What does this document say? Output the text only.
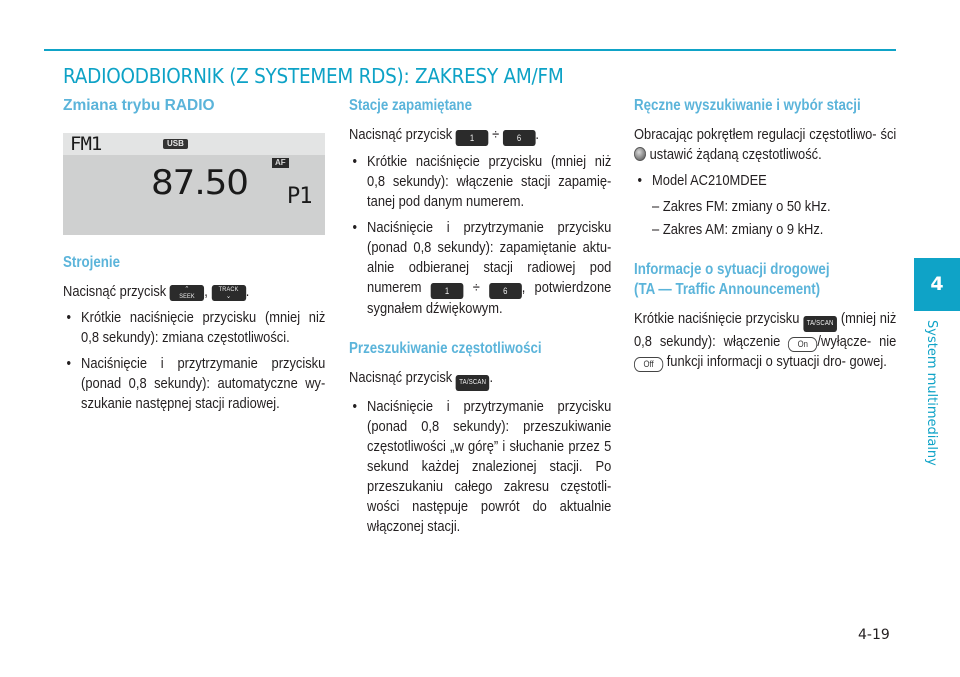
RADIOODBIORNIK (Z SYSTEMEM RDS): ZAKRESY AM/FM
Zmiana trybu RADIO
FM1	USB
AF
87.50 P1
Strojenie

Nacisnąć przycisk	⌃
SEEK , TRACK
⌄ .

• Krótkie naciśnięcie przycisku (mniej niż 0,8 sekundy): zmiana częstotliwości.
• Naciśnięcie i przytrzymanie przycisku (ponad 0,8 sekundy): automatyczne wy- szukanie następnej stacji radiowej.
Stacje zapamiętane

Nacisnąć przycisk 1 ÷ 6 .

• Krótkie naciśnięcie przycisku (mniej niż 0,8 sekundy): włączenie stacji zapamię- tanej pod danym numerem.
• Naciśnięcie i przytrzymanie przycisku (ponad 0,8 sekundy): zapamiętanie aktu- alnie odbieranej stacji radiowej pod numerem 1 ÷ 6 , potwierdzone sygnałem dźwiękowym.
Przeszukiwanie częstotliwości

Nacisnąć przycisk TA/SCAN .

• Naciśnięcie i przytrzymanie przycisku (ponad 0,8 sekundy): przeszukiwanie częstotliwości „w górę” i słuchanie przez 5 sekund każdej znalezionej stacji. Po przeszukaniu całego zakresu częstotli- wości następuje powrót do aktualnie włączonej stacji.
Ręczne wyszukiwanie i wybór stacji

Obracając pokrętłem regulacji częstotliwo- ści  ustawić żądaną częstotliwość.

• Model AC210MDEE
– Zakres FM: zmiany o 50 kHz.
– Zakres AM: zmiany o 9 kHz.
Informacje o sytuacji drogowej
(TA — Traffic Announcement)

Krótkie naciśnięcie przycisku TA/SCAN (mniej niż 0,8 sekundy): włączenie On /wyłącze- nie Off funkcji informacji o sytuacji dro- gowej.

4
System multimedialny
4-19
